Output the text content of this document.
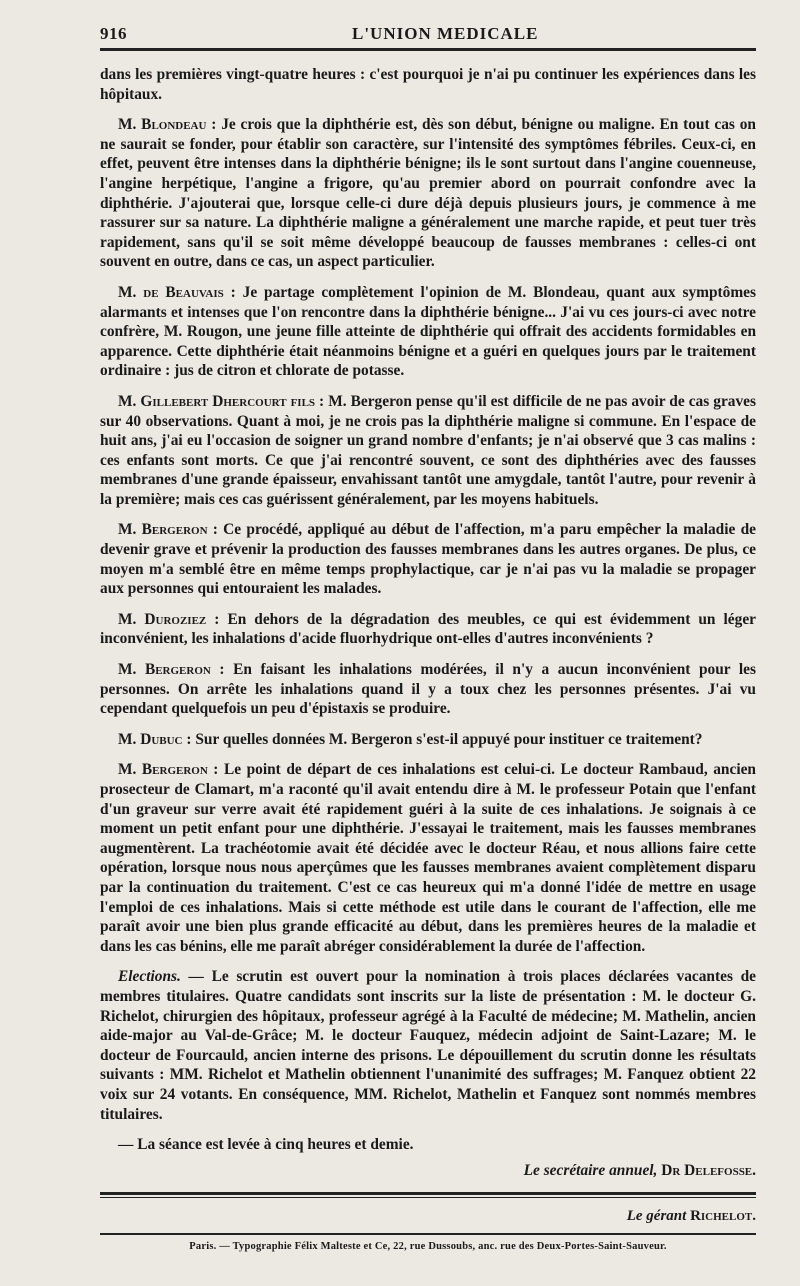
916	L'UNION MEDICALE

dans les premières vingt-quatre heures : c'est pourquoi je n'ai pu continuer les expériences dans les hôpitaux.

M. Blondeau : Je crois que la diphthérie est, dès son début, bénigne ou maligne. En tout cas on ne saurait se fonder, pour établir son caractère, sur l'intensité des symptômes fébriles. Ceux-ci, en effet, peuvent être intenses dans la diphthérie bénigne; ils le sont surtout dans l'angine couenneuse, l'angine herpétique, l'angine a frigore, qu'au premier abord on pourrait confondre avec la diphthérie. J'ajouterai que, lorsque celle-ci dure déjà depuis plusieurs jours, je commence à me rassurer sur sa nature. La diphthérie maligne a généralement une marche rapide, et peut tuer très rapidement, sans qu'il se soit même développé beaucoup de fausses membranes : celles-ci ont souvent en outre, dans ce cas, un aspect particulier.

M. de Beauvais : Je partage complètement l'opinion de M. Blondeau, quant aux symptômes alarmants et intenses que l'on rencontre dans la diphthérie bénigne... J'ai vu ces jours-ci avec notre confrère, M. Rougon, une jeune fille atteinte de diphthérie qui offrait des accidents formidables en apparence. Cette diphthérie était néanmoins bénigne et a guéri en quelques jours par le traitement ordinaire : jus de citron et chlorate de potasse.

M. Gillebert Dhercourt fils : M. Bergeron pense qu'il est difficile de ne pas avoir de cas graves sur 40 observations. Quant à moi, je ne crois pas la diphthérie maligne si commune. En l'espace de huit ans, j'ai eu l'occasion de soigner un grand nombre d'enfants; je n'ai observé que 3 cas malins : ces enfants sont morts. Ce que j'ai rencontré souvent, ce sont des diphthéries avec des fausses membranes d'une grande épaisseur, envahissant tantôt une amygdale, tantôt l'autre, pour revenir à la première; mais ces cas guérissent généralement, par les moyens habituels.

M. Bergeron : Ce procédé, appliqué au début de l'affection, m'a paru empêcher la maladie de devenir grave et prévenir la production des fausses membranes dans les autres organes. De plus, ce moyen m'a semblé être en même temps prophylactique, car je n'ai pas vu la maladie se propager aux personnes qui entouraient les malades.

M. Duroziez : En dehors de la dégradation des meubles, ce qui est évidemment un léger inconvénient, les inhalations d'acide fluorhydrique ont-elles d'autres inconvénients ?

M. Bergeron : En faisant les inhalations modérées, il n'y a aucun inconvénient pour les personnes. On arrête les inhalations quand il y a toux chez les personnes présentes. J'ai vu cependant quelquefois un peu d'épistaxis se produire.

M. Dubuc : Sur quelles données M. Bergeron s'est-il appuyé pour instituer ce traitement?

M. Bergeron : Le point de départ de ces inhalations est celui-ci. Le docteur Rambaud, ancien prosecteur de Clamart, m'a raconté qu'il avait entendu dire à M. le professeur Potain que l'enfant d'un graveur sur verre avait été rapidement guéri à la suite de ces inhalations. Je soignais à ce moment un petit enfant pour une diphthérie. J'essayai le traitement, mais les fausses membranes augmentèrent. La trachéotomie avait été décidée avec le docteur Réau, et nous allions faire cette opération, lorsque nous nous aperçûmes que les fausses membranes avaient complètement disparu par la continuation du traitement. C'est ce cas heureux qui m'a donné l'idée de mettre en usage l'emploi de ces inhalations. Mais si cette méthode est utile dans le courant de l'affection, elle me paraît avoir une bien plus grande efficacité au début, dans les premières heures de la maladie et dans les cas bénins, elle me paraît abréger considérablement la durée de l'affection.

Elections. — Le scrutin est ouvert pour la nomination à trois places déclarées vacantes de membres titulaires. Quatre candidats sont inscrits sur la liste de présentation : M. le docteur G. Richelot, chirurgien des hôpitaux, professeur agrégé à la Faculté de médecine; M. Mathelin, ancien aide-major au Val-de-Grâce; M. le docteur Fauquez, médecin adjoint de Saint-Lazare; M. le docteur de Fourcauld, ancien interne des prisons. Le dépouillement du scrutin donne les résultats suivants : MM. Richelot et Mathelin obtiennent l'unanimité des suffrages; M. Fanquez obtient 22 voix sur 24 votants. En conséquence, MM. Richelot, Mathelin et Fanquez sont nommés membres titulaires.

— La séance est levée à cinq heures et demie.

Le secrétaire annuel, Dr Delefosse.
Le gérant Richelot.
Paris. — Typographie Félix Malteste et Ce, 22, rue Dussoubs, anc. rue des Deux-Portes-Saint-Sauveur.
